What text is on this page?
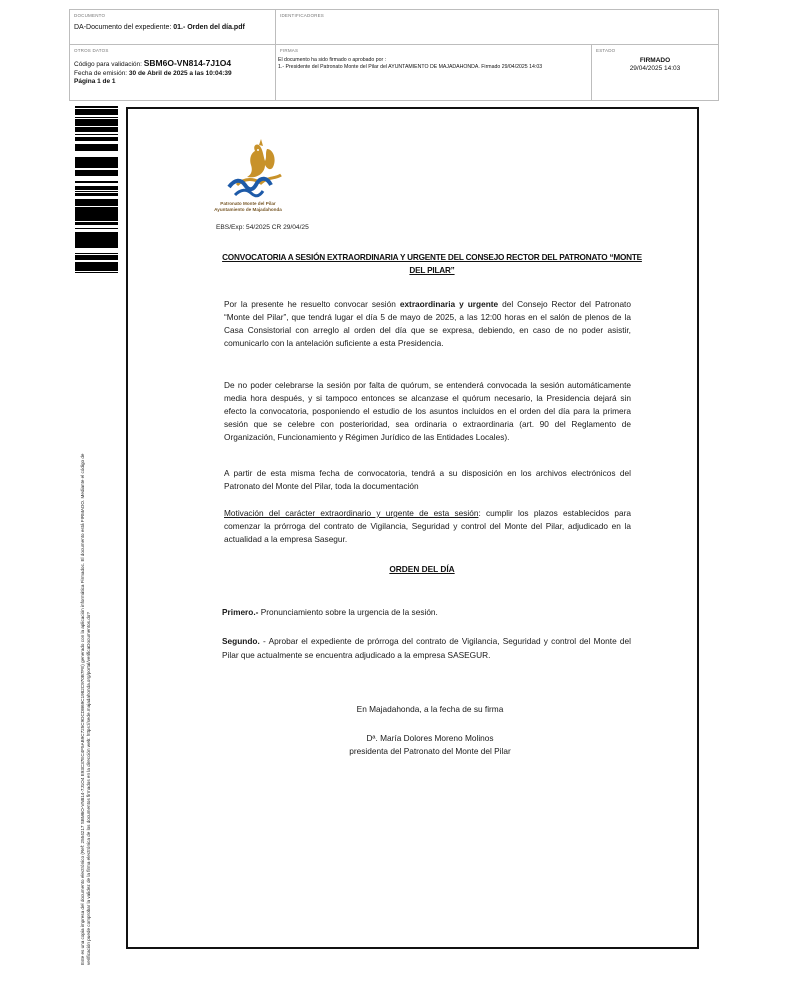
DOCUMENTO
DA-Documento del expediente: 01.- Orden del día.pdf
IDENTIFICADORES
OTROS DATOS
Código para validación: SBM6O-VN814-7J1O4
Fecha de emisión: 30 de Abril de 2025 a las 10:04:39
Página 1 de 1
FIRMAS
El documento ha sido firmado o aprobado por :
1.- Presidente del Patronato Monte del Pilar del AYUNTAMIENTO DE MAJADAHONDA. Firmado 29/04/2025 14:03
ESTADO
FIRMADO
29/04/2025 14:03
Este es una copia impresa del documento electrónico (Ref: 2554217 SBM6O-VN814-7J1O4 E93C37EC4F5AB9C725C9DCDB69C1982C970B7FE) generado con la aplicación informática Firmadoc. El documento está FIRMADO. Mediante el código de verificación puede comprobar la validez de la firma electrónica de los documentos firmados en la dirección web: https://sede.majadahonda.org/portal/verificaDocumentos.do?
Patronato Monte del Pilar
Ayuntamiento de Majadahonda
EBS/Exp: 54/2025 CR 29/04/25
CONVOCATORIA A SESIÓN EXTRAORDINARIA Y URGENTE DEL CONSEJO RECTOR DEL PATRONATO “MONTE DEL PILAR”
Por la presente he resuelto convocar sesión extraordinaria y urgente del Consejo Rector del Patronato “Monte del Pilar”, que tendrá lugar el día 5 de mayo de 2025, a las 12:00 horas en el salón de plenos de la Casa Consistorial con arreglo al orden del día que se expresa, debiendo, en caso de no poder asistir, comunicarlo con la antelación suficiente a esta Presidencia.
De no poder celebrarse la sesión por falta de quórum, se entenderá convocada la sesión automáticamente media hora después, y si tampoco entonces se alcanzase el quórum necesario, la Presidencia dejará sin efecto la convocatoria, posponiendo el estudio de los asuntos incluidos en el orden del día para la primera sesión que se celebre con posterioridad, sea ordinaria o extraordinaria (art. 90 del Reglamento de Organización, Funcionamiento y Régimen Jurídico de las Entidades Locales).
A partir de esta misma fecha de convocatoria, tendrá a su disposición en los archivos electrónicos del Patronato del Monte del Pilar, toda la documentación
Motivación del carácter extraordinario y urgente de esta sesión: cumplir los plazos establecidos para comenzar la prórroga del contrato de Vigilancia, Seguridad y control del Monte del Pilar, adjudicado en la actualidad a la empresa Sasegur.
ORDEN DEL DÍA
Primero.- Pronunciamiento sobre la urgencia de la sesión.
Segundo. - Aprobar el expediente de prórroga del contrato de Vigilancia, Seguridad y control del Monte del Pilar que actualmente se encuentra adjudicado a la empresa SASEGUR.
En Majadahonda, a la fecha de su firma
Dª. María Dolores Moreno Molinos
presidenta del Patronato del Monte del Pilar
